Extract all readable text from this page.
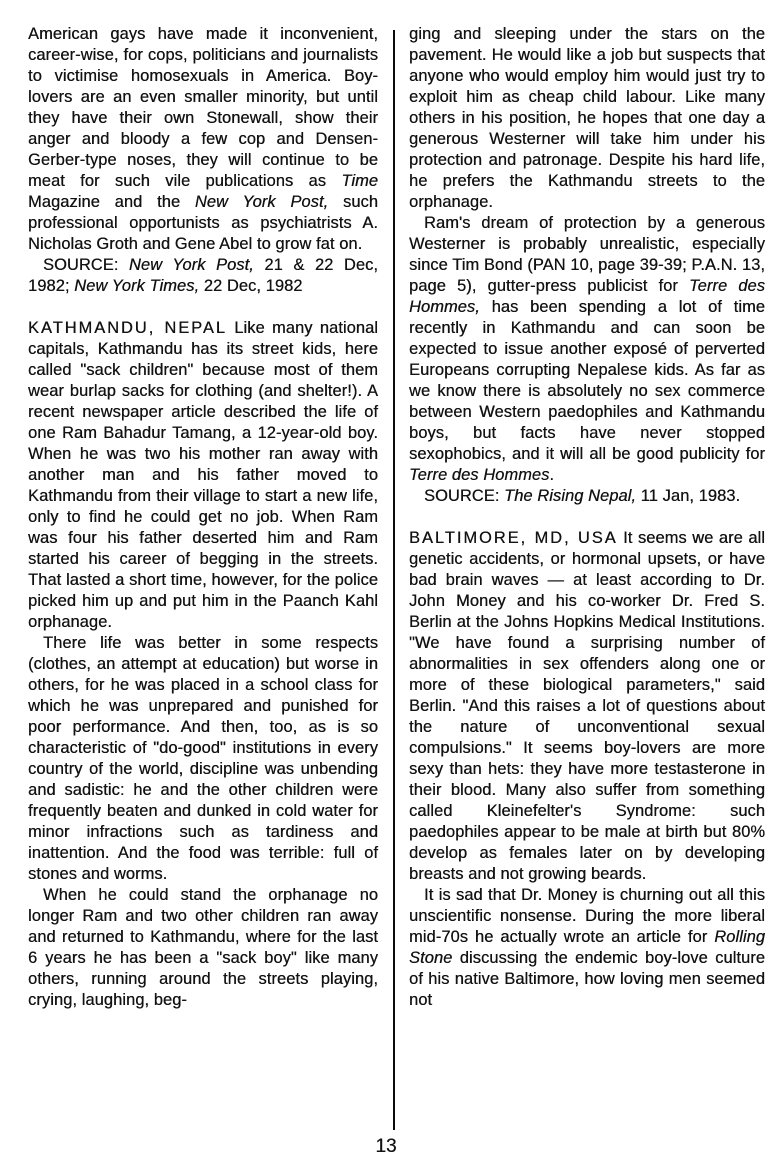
American gays have made it inconvenient, career-wise, for cops, politicians and journalists to victimise homosexuals in America. Boy-lovers are an even smaller minority, but until they have their own Stonewall, show their anger and bloody a few cop and Densen-Gerber-type noses, they will continue to be meat for such vile publications as Time Magazine and the New York Post, such professional opportunists as psychiatrists A. Nicholas Groth and Gene Abel to grow fat on.

SOURCE: New York Post, 21 & 22 Dec, 1982; New York Times, 22 Dec, 1982

KATHMANDU, NEPAL Like many national capitals, Kathmandu has its street kids, here called "sack children" because most of them wear burlap sacks for clothing (and shelter!). A recent newspaper article described the life of one Ram Bahadur Tamang, a 12-year-old boy. When he was two his mother ran away with another man and his father moved to Kathmandu from their village to start a new life, only to find he could get no job. When Ram was four his father deserted him and Ram started his career of begging in the streets. That lasted a short time, however, for the police picked him up and put him in the Paanch Kahl orphanage.

There life was better in some respects (clothes, an attempt at education) but worse in others, for he was placed in a school class for which he was unprepared and punished for poor performance. And then, too, as is so characteristic of "do-good" institutions in every country of the world, discipline was unbending and sadistic: he and the other children were frequently beaten and dunked in cold water for minor infractions such as tardiness and inattention. And the food was terrible: full of stones and worms.

When he could stand the orphanage no longer Ram and two other children ran away and returned to Kathmandu, where for the last 6 years he has been a "sack boy" like many others, running around the streets playing, crying, laughing, beg-

ging and sleeping under the stars on the pavement. He would like a job but suspects that anyone who would employ him would just try to exploit him as cheap child labour. Like many others in his position, he hopes that one day a generous Westerner will take him under his protection and patronage. Despite his hard life, he prefers the Kathmandu streets to the orphanage.

Ram's dream of protection by a generous Westerner is probably unrealistic, especially since Tim Bond (PAN 10, page 39-39; P.A.N. 13, page 5), gutter-press publicist for Terre des Hommes, has been spending a lot of time recently in Kathmandu and can soon be expected to issue another exposé of perverted Europeans corrupting Nepalese kids. As far as we know there is absolutely no sex commerce between Western paedophiles and Kathmandu boys, but facts have never stopped sexophobics, and it will all be good publicity for Terre des Hommes.

SOURCE: The Rising Nepal, 11 Jan, 1983.

BALTIMORE, MD, USA It seems we are all genetic accidents, or hormonal upsets, or have bad brain waves — at least according to Dr. John Money and his co-worker Dr. Fred S. Berlin at the Johns Hopkins Medical Institutions. "We have found a surprising number of abnormalities in sex offenders along one or more of these biological parameters," said Berlin. "And this raises a lot of questions about the nature of unconventional sexual compulsions." It seems boy-lovers are more sexy than hets: they have more testasterone in their blood. Many also suffer from something called Kleinefelter's Syndrome: such paedophiles appear to be male at birth but 80% develop as females later on by developing breasts and not growing beards.

It is sad that Dr. Money is churning out all this unscientific nonsense. During the more liberal mid-70s he actually wrote an article for Rolling Stone discussing the endemic boy-love culture of his native Baltimore, how loving men seemed not

13
